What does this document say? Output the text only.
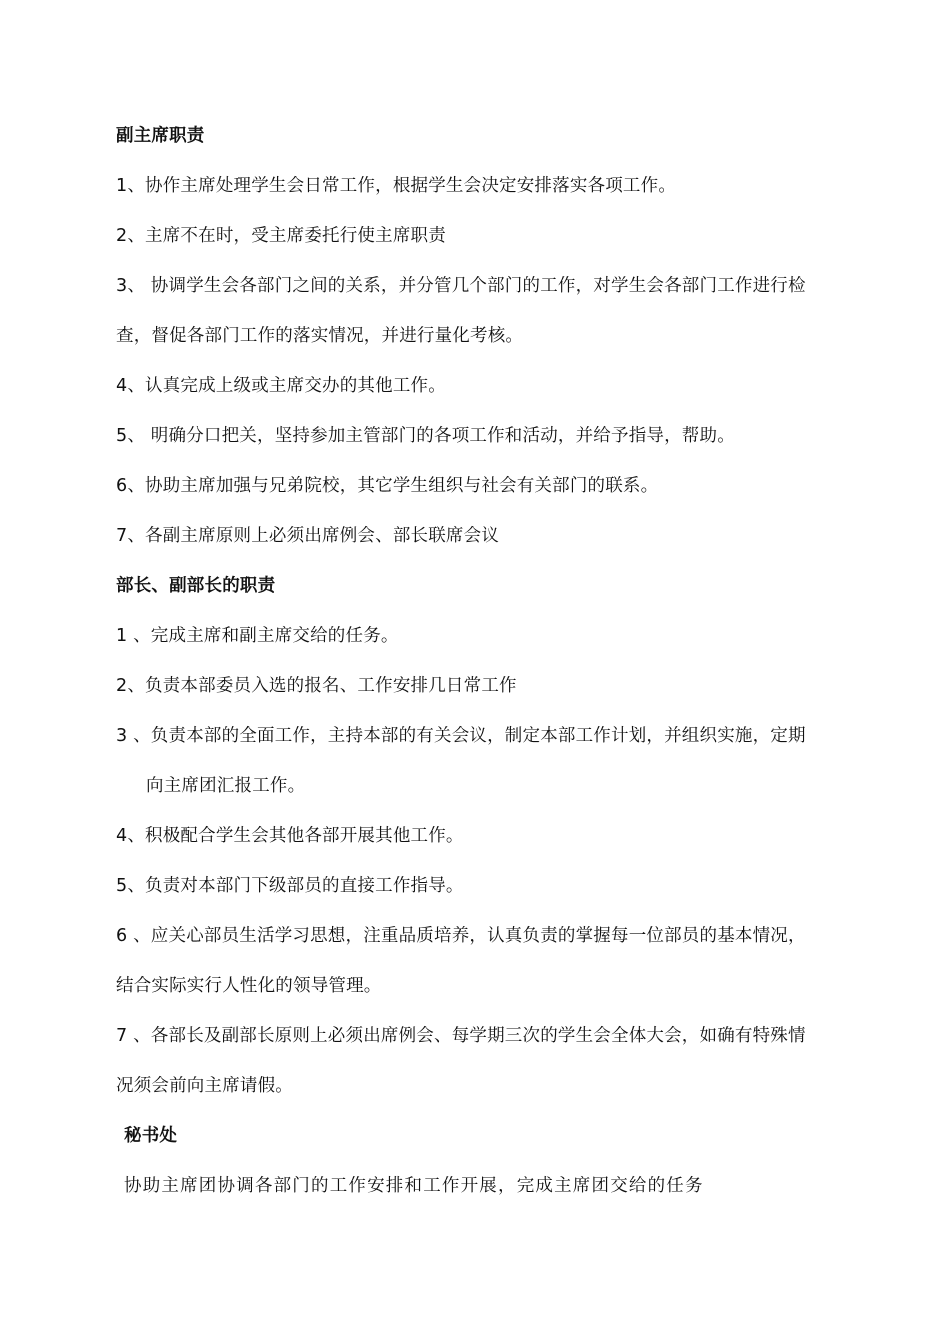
副主席职责
1、协作主席处理学生会日常工作，根据学生会决定安排落实各项工作。
2、主席不在时，受主席委托行使主席职责
3、 协调学生会各部门之间的关系，并分管几个部门的工作，对学生会各部门工作进行检
查，督促各部门工作的落实情况，并进行量化考核。
4、认真完成上级或主席交办的其他工作。
5、 明确分口把关，坚持参加主管部门的各项工作和活动，并给予指导，帮助。
6、协助主席加强与兄弟院校，其它学生组织与社会有关部门的联系。
7、各副主席原则上必须出席例会、部长联席会议
部长、副部长的职责
1 、完成主席和副主席交给的任务。
2、负责本部委员入选的报名、工作安排几日常工作
3 、负责本部的全面工作，主持本部的有关会议，制定本部工作计划，并组织实施，定期
向主席团汇报工作。
4、积极配合学生会其他各部开展其他工作。
5、负责对本部门下级部员的直接工作指导。
6 、应关心部员生活学习思想，注重品质培养，认真负责的掌握每一位部员的基本情况，
结合实际实行人性化的领导管理。
7 、各部长及副部长原则上必须出席例会、每学期三次的学生会全体大会，如确有特殊情
况须会前向主席请假。
秘书处
协助主席团协调各部门的工作安排和工作开展，完成主席团交给的任务
